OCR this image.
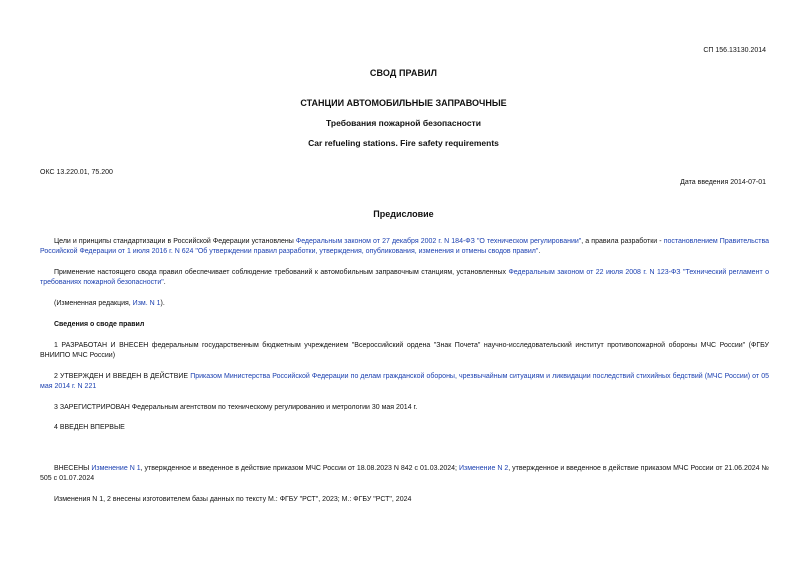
СП 156.13130.2014
СВОД ПРАВИЛ
СТАНЦИИ АВТОМОБИЛЬНЫЕ ЗАПРАВОЧНЫЕ
Требования пожарной безопасности
Car refueling stations. Fire safety requirements
ОКС 13.220.01, 75.200
Дата введения 2014-07-01
Предисловие
Цели и принципы стандартизации в Российской Федерации установлены Федеральным законом от 27 декабря 2002 г. N 184-ФЗ "О техническом регулировании", а правила разработки - постановлением Правительства Российской Федерации от 1 июля 2016 г. N 624 "Об утверждении правил разработки, утверждения, опубликования, изменения и отмены сводов правил".
Применение настоящего свода правил обеспечивает соблюдение требований к автомобильным заправочным станциям, установленных Федеральным законом от 22 июля 2008 г. N 123-ФЗ "Технический регламент о требованиях пожарной безопасности".
(Измененная редакция, Изм. N 1).
Сведения о своде правил
1 РАЗРАБОТАН И ВНЕСЕН федеральным государственным бюджетным учреждением "Всероссийский ордена "Знак Почета" научно-исследовательский институт противопожарной обороны МЧС России" (ФГБУ ВНИИПО МЧС России)
2 УТВЕРЖДЕН И ВВЕДЕН В ДЕЙСТВИЕ Приказом Министерства Российской Федерации по делам гражданской обороны, чрезвычайным ситуациям и ликвидации последствий стихийных бедствий (МЧС России) от 05 мая 2014 г. N 221
3 ЗАРЕГИСТРИРОВАН Федеральным агентством по техническому регулированию и метрологии 30 мая 2014 г.
4 ВВЕДЕН ВПЕРВЫЕ
ВНЕСЕНЫ Изменение N 1, утвержденное и введенное в действие приказом МЧС России от 18.08.2023 N 842 с 01.03.2024; Изменение N 2, утвержденное и введенное в действие приказом МЧС России от 21.06.2024 № 505 с 01.07.2024
Изменения N 1, 2 внесены изготовителем базы данных по тексту М.: ФГБУ "РСТ", 2023; М.: ФГБУ "РСТ", 2024
